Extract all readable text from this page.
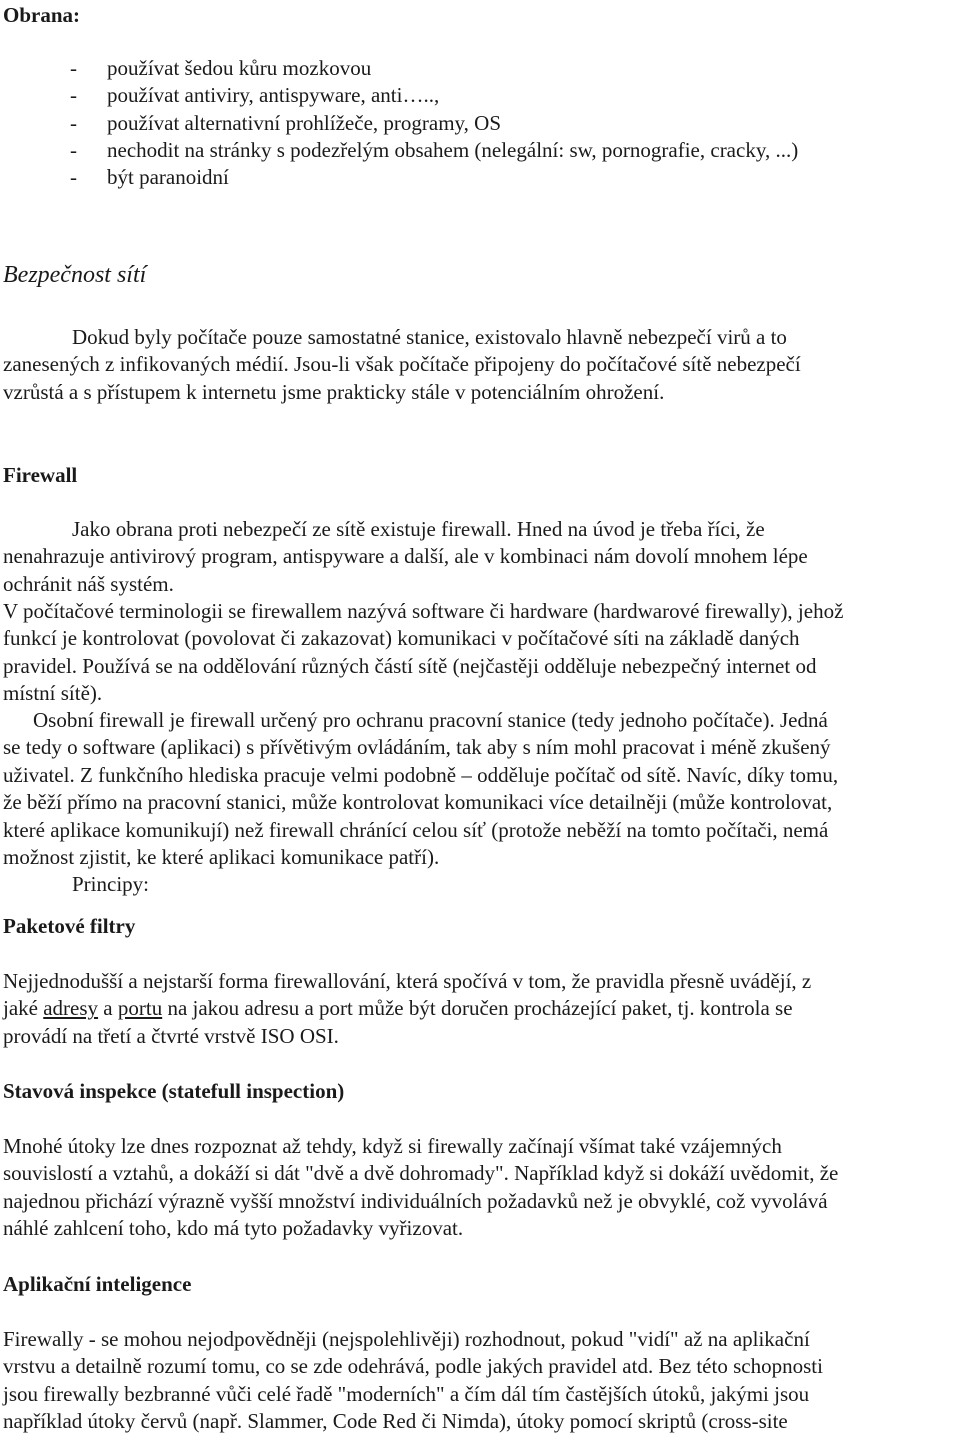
Obrana:
- používat šedou kůru mozkovou
- používat antiviry, antispyware, anti…..,
- používat alternativní prohlížeče, programy, OS
- nechodit na stránky s podezřelým obsahem (nelegální: sw, pornografie, cracky, ...)
- být paranoidní
Bezpečnost sítí
Dokud byly počítače pouze samostatné stanice, existovalo hlavně nebezpečí virů a to
zanesených z infikovaných médií. Jsou-li však počítače připojeny do počítačové sítě nebezpečí
vzrůstá a s přístupem k internetu jsme prakticky stále v potenciálním ohrožení.
Firewall
Jako obrana proti nebezpečí ze sítě existuje firewall. Hned na úvod je třeba říci, že
nenahrazuje antivirový program, antispyware a další, ale v kombinaci nám dovolí mnohem lépe
ochránit náš systém.
V počítačové terminologii se firewallem nazývá software či hardware (hardwarové firewally), jehož
funkcí je kontrolovat (povolovat či zakazovat) komunikaci v počítačové síti na základě daných
pravidel. Používá se na oddělování různých částí sítě (nejčastěji odděluje nebezpečný internet od
místní sítě).
Osobní firewall je firewall určený pro ochranu pracovní stanice (tedy jednoho počítače). Jedná
se tedy o software (aplikaci) s přívětivým ovládáním, tak aby s ním mohl pracovat i méně zkušený
uživatel. Z funkčního hlediska pracuje velmi podobně – odděluje počítač od sítě. Navíc, díky tomu,
že běží přímo na pracovní stanici, může kontrolovat komunikaci více detailněji (může kontrolovat,
které aplikace komunikují) než firewall chránící celou síť (protože neběží na tomto počítači, nemá
možnost zjistit, ke které aplikaci komunikace patří).
Principy:
Paketové filtry
Nejjednodušší a nejstarší forma firewallování, která spočívá v tom, že pravidla přesně uvádějí, z
jaké adresy a portu na jakou adresu a port může být doručen procházející paket, tj. kontrola se
provádí na třetí a čtvrté vrstvě ISO OSI.
Stavová inspekce (statefull inspection)
Mnohé útoky lze dnes rozpoznat až tehdy, když si firewally začínají všímat také vzájemných
souvislostí a vztahů, a dokáží si dát "dvě a dvě dohromady". Například když si dokáží uvědomit, že
najednou přichází výrazně vyšší množství individuálních požadavků než je obvyklé, což vyvolává
náhlé zahlcení toho, kdo má tyto požadavky vyřizovat.
Aplikační inteligence
Firewally - se mohou nejodpovědněji (nejspolehlivěji) rozhodnout, pokud "vidí" až na aplikační
vrstvu a detailně rozumí tomu, co se zde odehrává, podle jakých pravidel atd. Bez této schopnosti
jsou firewally bezbranné vůči celé řadě "moderních" a čím dál tím častějších útoků, jakými jsou
například útoky červů (např. Slammer, Code Red či Nimda), útoky pomocí skriptů (cross-site
